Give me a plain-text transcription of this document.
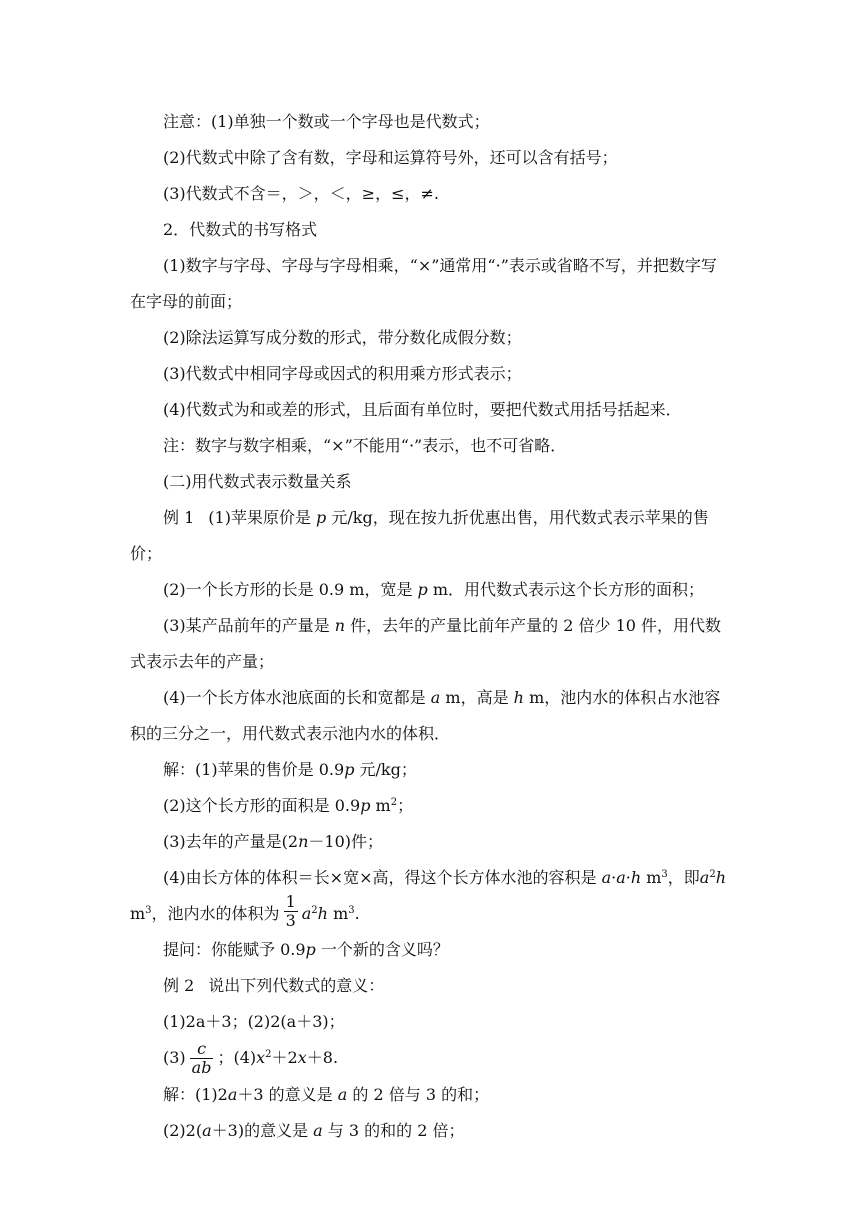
注意：(1)单独一个数或一个字母也是代数式；

(2)代数式中除了含有数，字母和运算符号外，还可以含有括号；

(3)代数式不含＝，＞，＜，≥，≤，≠.

2．代数式的书写格式

(1)数字与字母、字母与字母相乘，“×”通常用“·”表示或省略不写，并把数字写在字母的前面；

(2)除法运算写成分数的形式，带分数化成假分数；

(3)代数式中相同字母或因式的积用乘方形式表示；

(4)代数式为和或差的形式，且后面有单位时，要把代数式用括号括起来．

注：数字与数字相乘，“×”不能用“·”表示，也不可省略．

(二)用代数式表示数量关系

例 1 (1)苹果原价是 p 元/kg，现在按九折优惠出售，用代数式表示苹果的售价；

(2)一个长方形的长是 0.9 m，宽是 p m．用代数式表示这个长方形的面积；

(3)某产品前年的产量是 n 件，去年的产量比前年产量的 2 倍少 10 件，用代数式表示去年的产量；

(4)一个长方体水池底面的长和宽都是 a m，高是 h m，池内水的体积占水池容积的三分之一，用代数式表示池内水的体积．

解：(1)苹果的售价是 0.9p 元/kg；

(2)这个长方形的面积是 0.9p $m^2$；

(3)去年的产量是(2n－10)件；

(4)由长方体的体积＝长×宽×高，得这个长方体水池的容积是 a·a·h $m^3$，即$a^2h$ $m^3$，池内水的体积为 $\frac{1}{3} a^2h$ $m^3$.

提问：你能赋予 0.9p 一个新的含义吗？

例 2 说出下列代数式的意义：

(1)2a＋3；(2)2(a＋3)；

$(3) \frac{c}{ab}$ ；$(4)x^2+2x+8$.

解：(1)2a＋3 的意义是 a 的 2 倍与 3 的和；

(2)2(a＋3)的意义是 a 与 3 的和的 2 倍；
